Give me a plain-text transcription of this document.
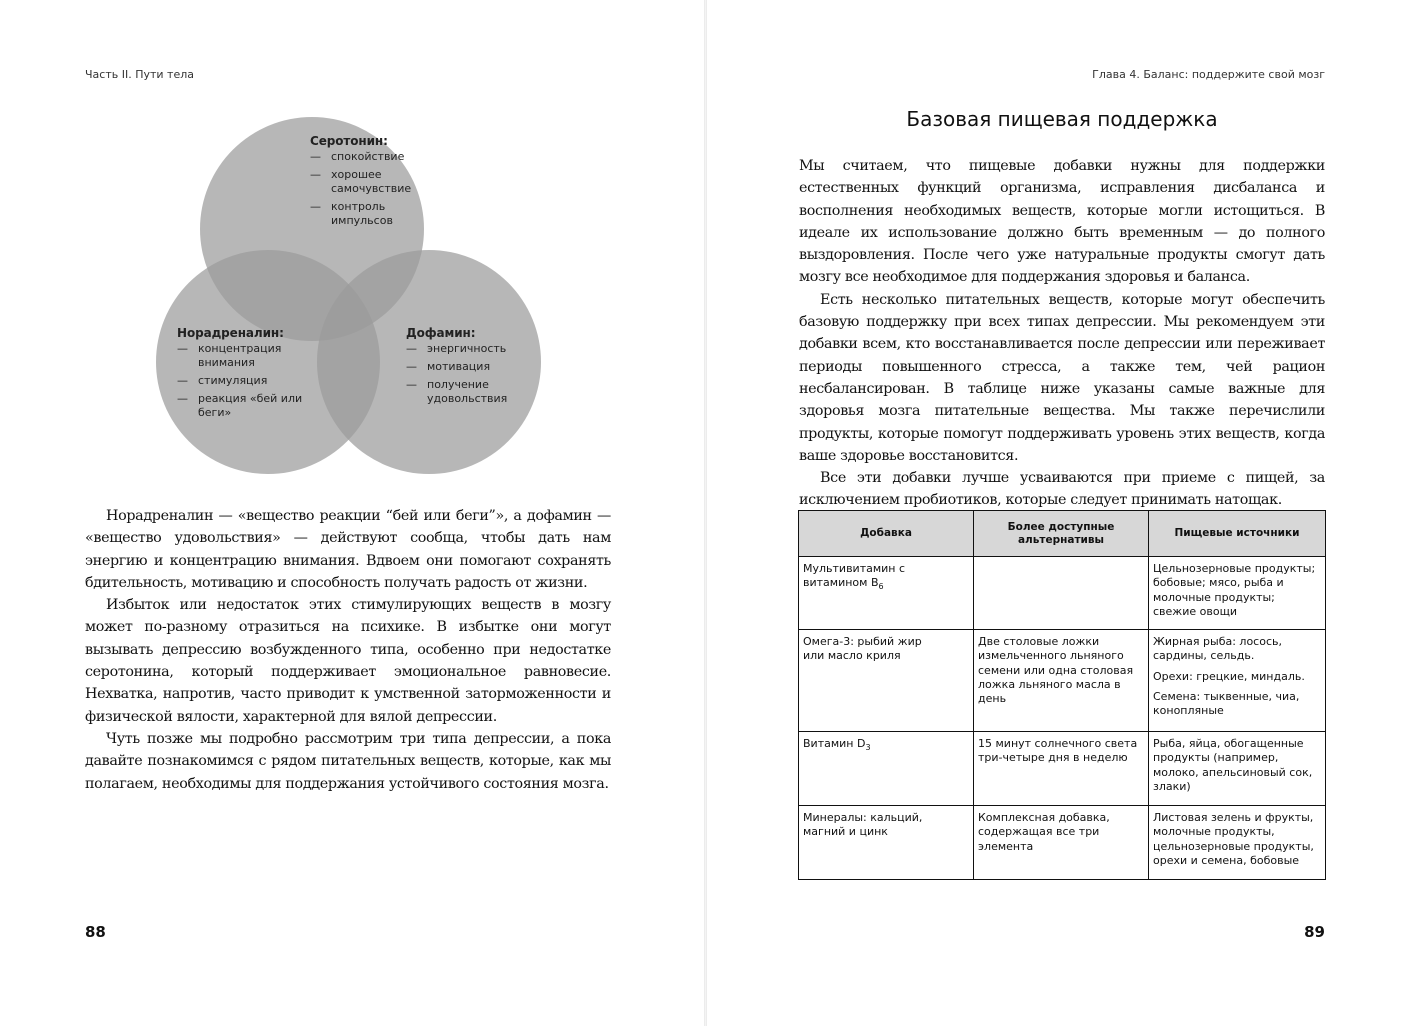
Часть II. Пути тела
Серотонин:
— спокойствие
— хорошее самочувствие
— контроль импульсов
Норадреналин:
— концентрация внимания
— стимуляция
— реакция «бей или беги»
Дофамин:
— энергичность
— мотивация
— получение удовольствия

Норадреналин — «вещество реакции “бей или беги”», а дофамин — «вещество удовольствия» — действуют сообща, чтобы дать нам энергию и концентрацию внимания. Вдвоем они помогают сохранять бдительность, мотивацию и способность получать радость от жизни.

Избыток или недостаток этих стимулирующих веществ в мозгу может по-разному отразиться на психике. В избытке они могут вызывать депрессию возбужденного типа, особенно при недостатке серотонина, который поддерживает эмоциональное равновесие. Нехватка, напротив, часто приводит к умственной заторможенности и физической вялости, характерной для вялой депрессии.

Чуть позже мы подробно рассмотрим три типа депрессии, а пока давайте познакомимся с рядом питательных веществ, которые, как мы полагаем, необходимы для поддержания устойчивого состояния мозга.

88
Глава 4. Баланс: поддержите свой мозг
Базовая пищевая поддержка

Мы считаем, что пищевые добавки нужны для поддержки естественных функций организма, исправления дисбаланса и восполнения необходимых веществ, которые могли истощиться. В идеале их использование должно быть временным — до полного выздоровления. После чего уже натуральные продукты смогут дать мозгу все необходимое для поддержания здоровья и баланса.

Есть несколько питательных веществ, которые могут обеспечить базовую поддержку при всех типах депрессии. Мы рекомендуем эти добавки всем, кто восстанавливается после депрессии или переживает периоды повышенного стресса, а также тем, чей рацион несбалансирован. В таблице ниже указаны самые важные для здоровья мозга питательные вещества. Мы также перечислили продукты, которые помогут поддерживать уровень этих веществ, когда ваше здоровье восстановится.

Все эти добавки лучше усваиваются при приеме с пищей, за исключением пробиотиков, которые следует принимать натощак.

Добавка	Более доступные альтернативы	Пищевые источники

Мультивитамин с витамином $B_6$		Цельнозерновые продукты; бобовые; мясо, рыба и молочные продукты; свежие овощи

Омега-3: рыбий жир или масло криля	Две столовые ложки измельченного льняного семени или одна столовая ложка льняного масла в день	Жирная рыба: лосось, сардины, сельдь.
Орехи: грецкие, миндаль.
Семена: тыквенные, чиа, конопляные

Витамин $D_3$	15 минут солнечного света три-четыре дня в неделю	Рыба, яйца, обогащенные продукты (например, молоко, апельсиновый сок, злаки)

Минералы: кальций, магний и цинк	Комплексная добавка, содержащая все три элемента	Листовая зелень и фрукты, молочные продукты, цельнозерновые продукты, орехи и семена, бобовые
89
